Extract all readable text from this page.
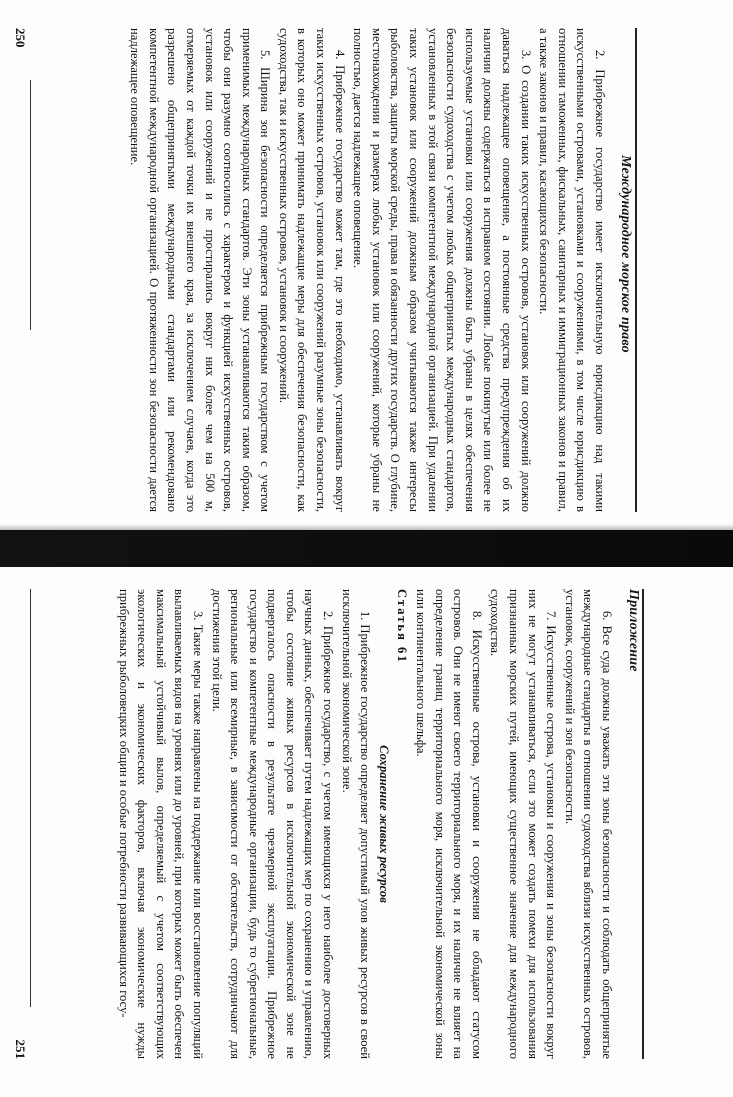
Международное морское право

2. Прибрежное государство имеет исключительную юрисдикцию над такими искусственными островами, установками и сооружениями, в том числе юрисдикцию в отношении таможенных, фискальных, санитарных и иммиграционных законов и правил, а также законов и правил, касающихся безопасности.

3. О создании таких искусственных островов, установок или сооружений должно даваться надлежащее оповещение, а постоянные средства предупреждения об их наличии должны содержаться в исправном состоянии. Любые покинутые или более не используемые установки или сооружения должны быть убраны в целях обеспечения безопасности судоходства с учетом любых общепринятых международных стандартов, установленных в этой связи компетентной международной организацией. При удалении таких установок или сооружений должным образом учитываются также интересы рыболовства, защиты морской среды, права и обязанности других государств. О глубине, местонахождении и размерах любых установок или сооружений, которые убраны не полностью, дается надлежащее оповещение.

4. Прибрежное государство может там, где это необходимо, устанавливать вокруг таких искусственных островов, установок или сооружений разумные зоны безопасности, в которых оно может принимать надлежащие меры для обеспечения безопасности, как судоходства, так и искусственных островов, установок и сооружений.

5. Ширина зон безопасности определяется прибрежным государством с учетом применимых международных стандартов. Эти зоны устанавливаются таким образом, чтобы они разумно соотносились с характером и функцией искусственных островов, установок или сооружений и не простирались вокруг них более чем на 500 м, отмеряемых от каждой точки их внешнего края, за исключением случаев, когда это разрешено общепринятыми международными стандартами или рекомендовано компетентной международной организацией. О протяженности зон безопасности дается надлежащее оповещение.

250
Приложение

6. Все суда должны уважать эти зоны безопасности и соблюдать общепринятые международные стандарты в отношении судоходства вблизи искусственных островов, установок, сооружений и зон безопасности.

7. Искусственные острова, установки и сооружения и зоны безопасности вокруг них не могут устанавливаться, если это может создать помехи для использования признанных морских путей, имеющих существенное значение для международного судоходства.

8. Искусственные острова, установки и сооружения не обладают статусом островов. Они не имеют своего территориального моря, и их наличие не влияет на определение границ территориального моря, исключительной экономической зоны или континентального шельфа.

Статья 61

Сохранение живых ресурсов

1. Прибрежное государство определяет допустимый улов живых ресурсов в своей исключительной экономической зоне.

2. Прибрежное государство, с учетом имеющихся у него наиболее достоверных научных данных, обеспечивает путем надлежащих мер по сохранению и управлению, чтобы состояние живых ресурсов в исключительной экономической зоне не подвергалось опасности в результате чрезмерной эксплуатации. Прибрежное государство и компетентные международные организации, будь то субрегиональные, региональные или всемирные, в зависимости от обстоятельств, сотрудничают для достижения этой цели.

3. Такие меры также направлены на поддержание или восстановление популяций вылавливаемых видов на уровнях или до уровней, при которых может быть обеспечен максимальный устойчивый вылов, определяемый с учетом соответствующих экологических и экономических факторов, включая экономические нужды прибрежных рыболовецких общин и особые потребности развивающихся госу-

251
